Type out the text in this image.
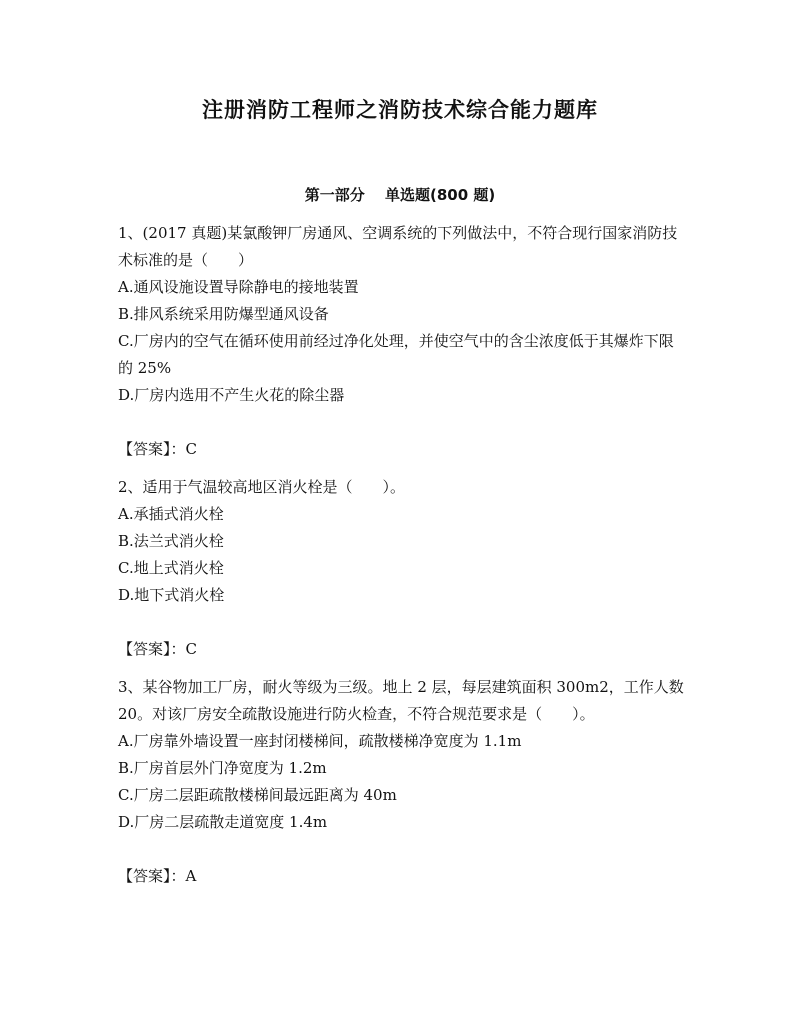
注册消防工程师之消防技术综合能力题库
第一部分　 单选题(800 题)

1、(2017 真题)某氯酸钾厂房通风、空调系统的下列做法中，不符合现行国家消防技术标准的是（　　）

A.通风设施设置导除静电的接地装置

B.排风系统采用防爆型通风设备

C.厂房内的空气在循环使用前经过净化处理，并使空气中的含尘浓度低于其爆炸下限的 25%

D.厂房内选用不产生火花的除尘器

【答案】：C

2、适用于气温较高地区消火栓是（　　）。

A.承插式消火栓

B.法兰式消火栓

C.地上式消火栓

D.地下式消火栓

【答案】：C

3、某谷物加工厂房，耐火等级为三级。地上 2 层，每层建筑面积 300m2，工作人数 20。对该厂房安全疏散设施进行防火检查，不符合规范要求是（　　）。

A.厂房靠外墙设置一座封闭楼梯间，疏散楼梯净宽度为 1.1m

B.厂房首层外门净宽度为 1.2m

C.厂房二层距疏散楼梯间最远距离为 40m

D.厂房二层疏散走道宽度 1.4m

【答案】：A
